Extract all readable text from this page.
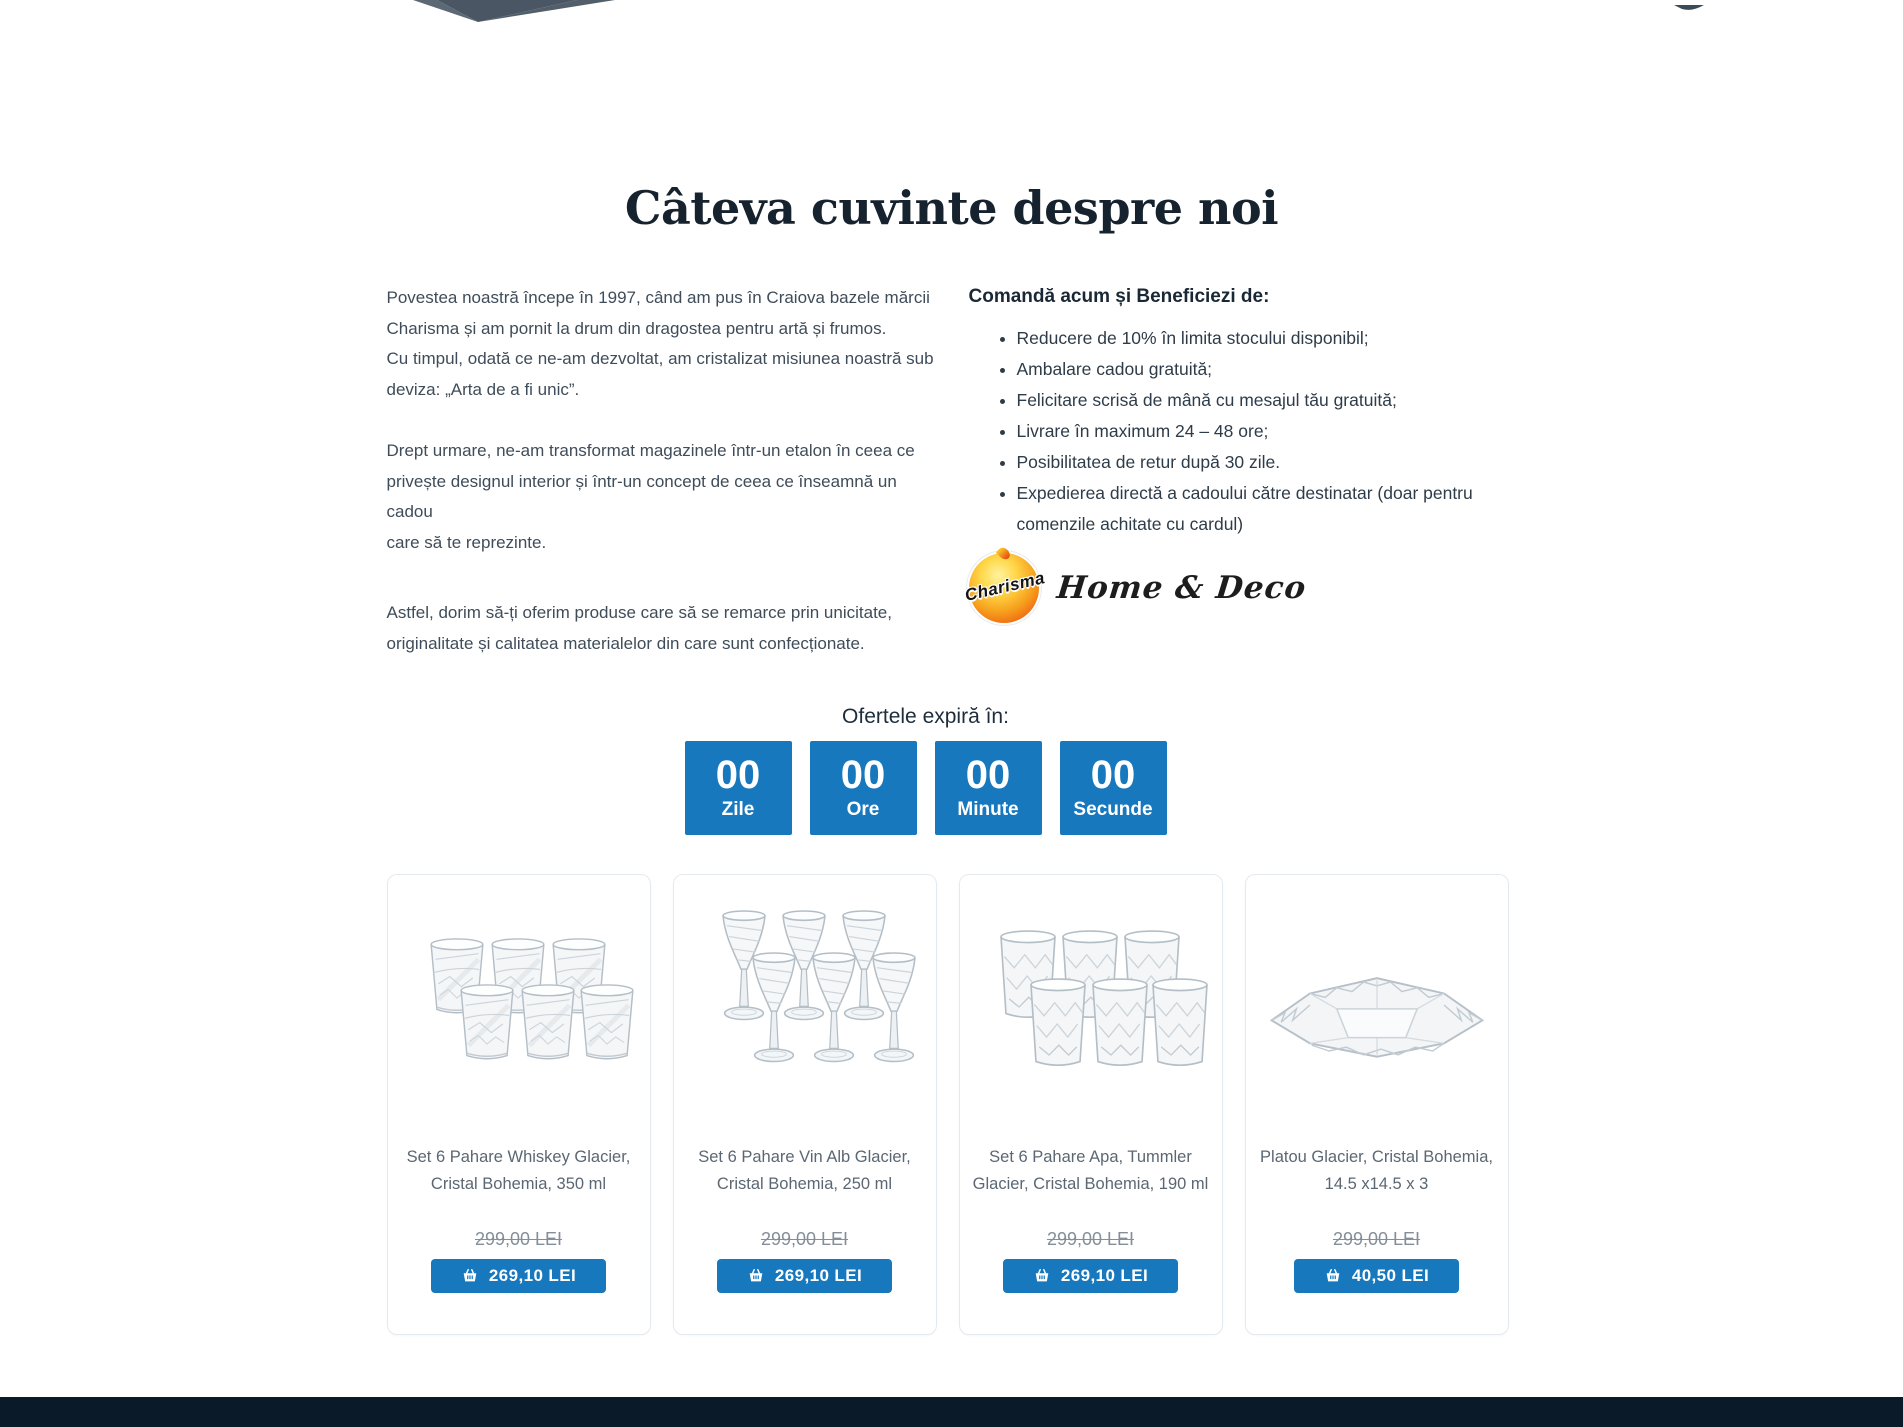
Câteva cuvinte despre noi

Povestea noastră începe în 1997, când am pus în Craiova bazele mărcii
Charisma și am pornit la drum din dragostea pentru artă și frumos.
Cu timpul, odată ce ne-am dezvoltat, am cristalizat misiunea noastră sub
deviza: „Arta de a fi unic”.

Drept urmare, ne-am transformat magazinele într-un etalon în ceea ce
privește designul interior și într-un concept de ceea ce înseamnă un cadou
care să te reprezinte.

Astfel, dorim să-ți oferim produse care să se remarce prin unicitate,
originalitate și calitatea materialelor din care sunt confecționate.

Comandă acum și Beneficiezi de:
• Reducere de 10% în limita stocului disponibil;
• Ambalare cadou gratuită;
• Felicitare scrisă de mână cu mesajul tău gratuită;
• Livrare în maximum 24 – 48 ore;
• Posibilitatea de retur după 30 zile.
• Expedierea directă a cadoului către destinatar (doar pentru
comenzile achitate cu cardul)
Charisma Home & Deco

Ofertele expiră în:

00
Zile
00
Ore
00
Minute
00
Secunde
Set 6 Pahare Whiskey Glacier, Cristal Bohemia, 350 ml
299,00 LEI
269,10 LEI
Set 6 Pahare Vin Alb Glacier, Cristal Bohemia, 250 ml
299,00 LEI
269,10 LEI
Set 6 Pahare Apa, Tummler Glacier, Cristal Bohemia, 190 ml
299,00 LEI
269,10 LEI
Platou Glacier, Cristal Bohemia, 14.5 x14.5 x 3
299,00 LEI
40,50 LEI
